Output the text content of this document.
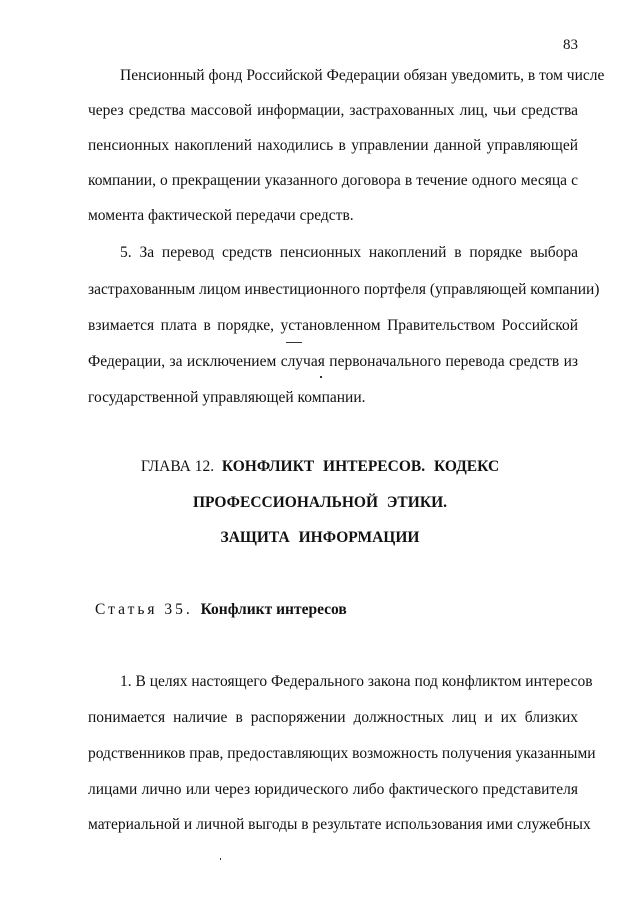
83
Пенсионный фонд Российской Федерации обязан уведомить, в том числе
через средства массовой информации, застрахованных лиц, чьи средства
пенсионных накоплений находились в управлении данной управляющей
компании, о прекращении указанного договора в течение одного месяца с
момента фактической передачи средств.
5. За перевод средств пенсионных накоплений в порядке выбора
застрахованным лицом инвестиционного портфеля (управляющей компании)
взимается плата в порядке, установленном Правительством Российской
Федерации, за исключением случая первоначального перевода средств из
государственной управляющей компании.
ГЛАВА 12. КОНФЛИКТ ИНТЕРЕСОВ. КОДЕКС
ПРОФЕССИОНАЛЬНОЙ ЭТИКИ.
ЗАЩИТА ИНФОРМАЦИИ
Статья 35. Конфликт интересов
1. В целях настоящего Федерального закона под конфликтом интересов
понимается наличие в распоряжении должностных лиц и их близких
родственников прав, предоставляющих возможность получения указанными
лицами лично или через юридического либо фактического представителя
материальной и личной выгоды в результате использования ими служебных
